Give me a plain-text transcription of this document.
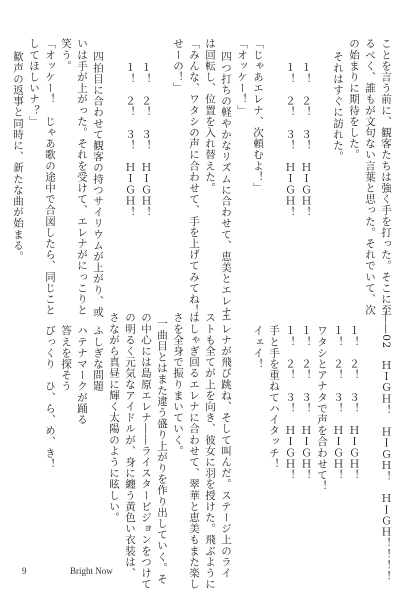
ことを言う前に、観客たちは強く手を打った。そこに至
るべく、誰もが文句ない言葉と思った。それでいて、次
の始まりに期待をした。
それはすぐに訪れた。
１！　２！　３！　ＨＩＧＨ！
１！　２！　３！　ＨＩＧＨ！
「じゃあエレナ、次頼むよ！」
「オッケー！」
四つ打ちの軽やかなリズムに合わせて、恵美とエレナ
は回転し、位置を入れ替えた。
「みんな、ワタシの声に合わせて、手を上げてみてね！
せーの！」
１！　２！　３！　ＨＩＧＨ！
１！　２！　３！　ＨＩＧＨ！
四拍目に合わせて観客の持つサイリウムが上がり、或
いは手が上がった。それを受けて、エレナがにっこりと
笑う。
「オッケー！　じゃあ歌の途中で合図したら、同じこと
してほしいナ？」
歓声の返事と同時に、新たな曲が始まる。
――02　ＨＩＧＨ！　ＨＩＧＨ！　ＨＩＧＨ！！！！
１！　２！　３！　ＨＩＧＨ！
１！　２！　３！　ＨＩＧＨ！
ワタシとアナタで声を合わせて！
１！　２！　３！　ＨＩＧＨ！
１！　２！　３！　ＨＩＧＨ！
手と手を重ねてハイタッチ！
イェイ！
エレナが飛び跳ね、そして叫んだ。ステージ上のライ
ストも全てが上を向き、彼女に羽を授けた。飛ぶように
はしゃぎ回るエレナに合わせて、翠華と恵美もまた楽し
さを全身で振りまいていく。
一曲目とはまた違う盛り上がりを作り出していく。そ
の中心には島原エレナ――ライスタービジョンをつけて
の明るく元気なアイドルが、身に纏う黄色い衣装は、
さながら真昼に輝く太陽のように眩しい。
ふしぎな問題
ハテナマークが踊る
答えを探そう
びっくり　ひ、ら、め、き！
9	Bright Now
